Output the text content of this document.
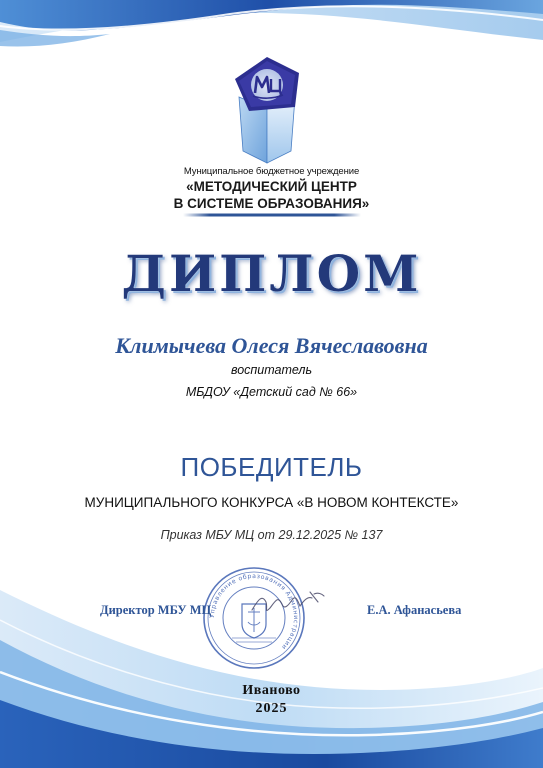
Муниципальное бюджетное учреждение
«МЕТОДИЧЕСКИЙ ЦЕНТР
В СИСТЕМЕ ОБРАЗОВАНИЯ»
ДИПЛОМ
Климычева Олеся Вячеславовна
воспитатель
МБДОУ «Детский сад № 66»
ПОБЕДИТЕЛЬ
МУНИЦИПАЛЬНОГО КОНКУРСА «В НОВОМ КОНТЕКСТЕ»
Приказ МБУ МЦ от 29.12.2025 № 137
Управление образования Администрации
Директор МБУ МЦ	Е.А. Афанасьева
Иваново
2025
